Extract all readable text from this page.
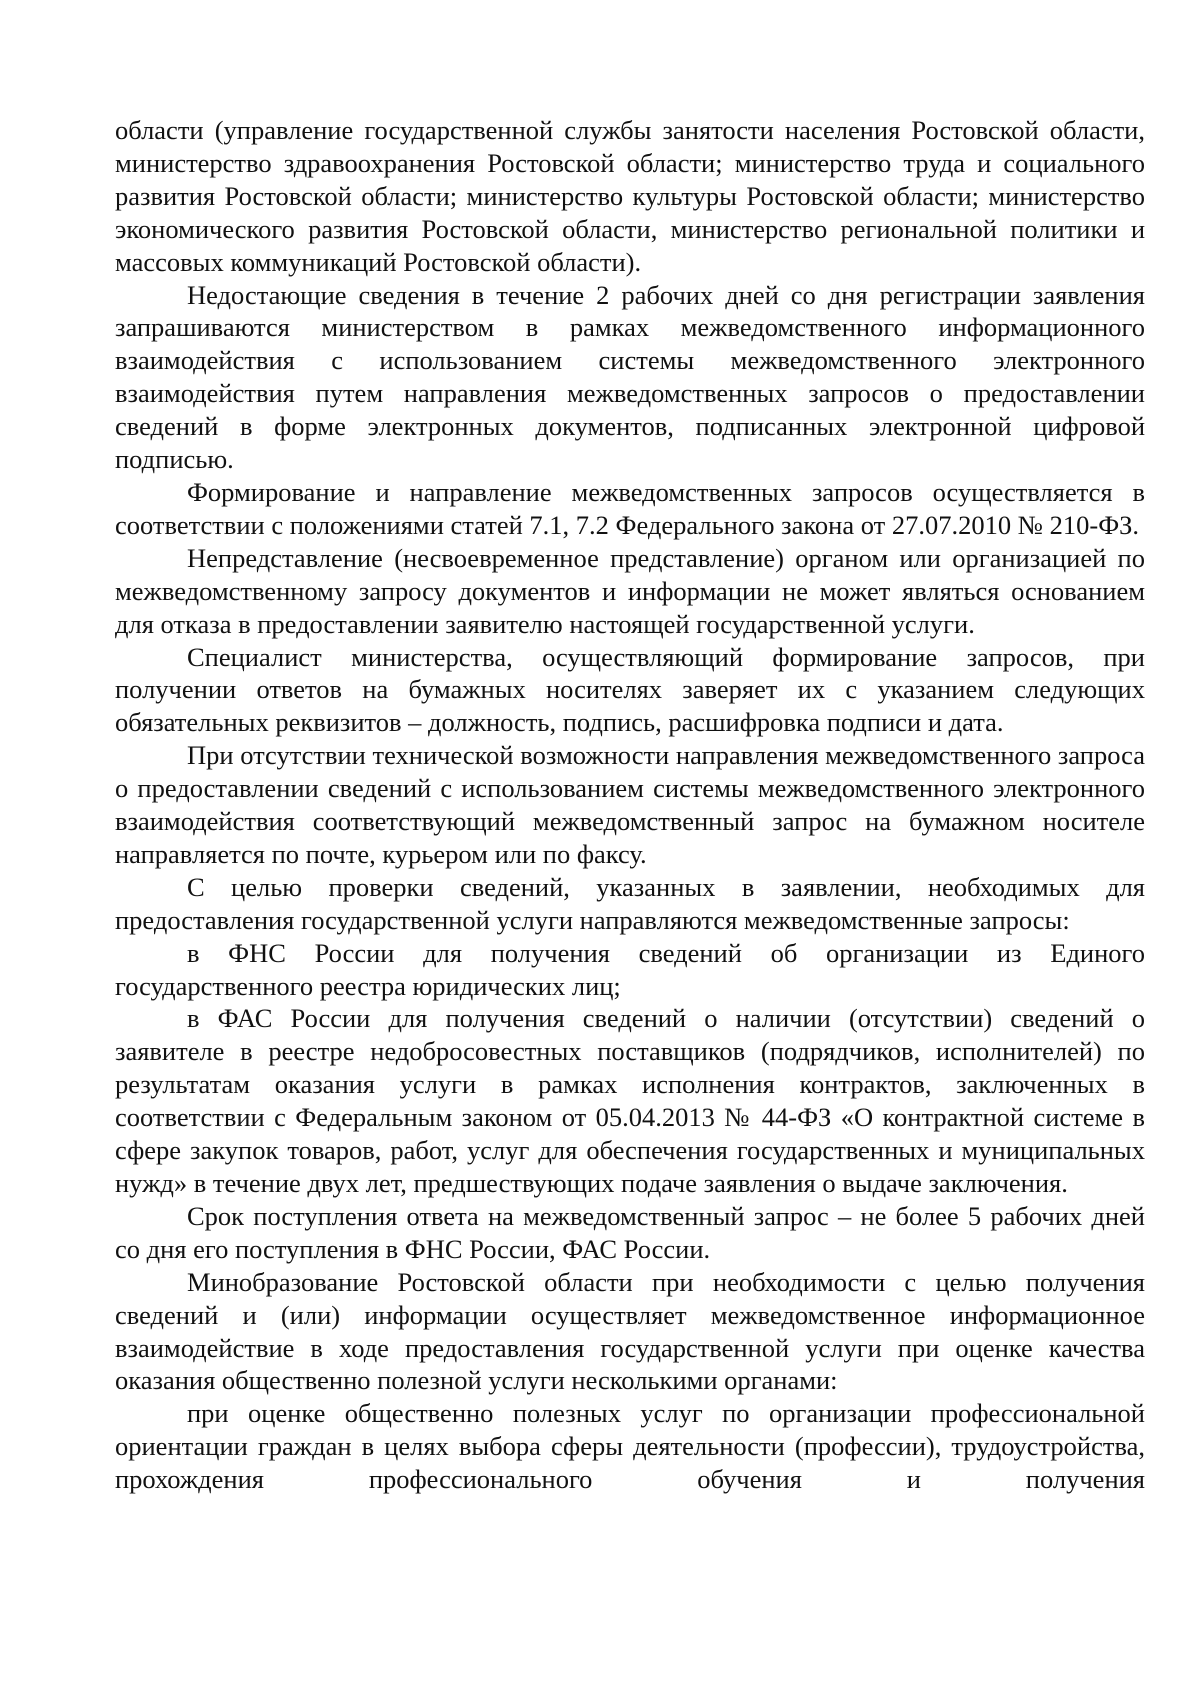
области (управление государственной службы занятости населения Ростовской области, министерство здравоохранения Ростовской области; министерство труда и социального развития Ростовской области; министерство культуры Ростовской области; министерство экономического развития Ростовской области, министерство региональной политики и массовых коммуникаций Ростовской области).

Недостающие сведения в течение 2 рабочих дней со дня регистрации заявления запрашиваются министерством в рамках межведомственного информационного взаимодействия с использованием системы межведомственного электронного взаимодействия путем направления межведомственных запросов о предоставлении сведений в форме электронных документов, подписанных электронной цифровой подписью.

Формирование и направление межведомственных запросов осуществляется в соответствии с положениями статей 7.1, 7.2 Федерального закона от 27.07.2010 № 210-ФЗ.

Непредставление (несвоевременное представление) органом или организацией по межведомственному запросу документов и информации не может являться основанием для отказа в предоставлении заявителю настоящей государственной услуги.

Специалист министерства, осуществляющий формирование запросов, при получении ответов на бумажных носителях заверяет их с указанием следующих обязательных реквизитов – должность, подпись, расшифровка подписи и дата.

При отсутствии технической возможности направления межведомственного запроса о предоставлении сведений с использованием системы межведомственного электронного взаимодействия соответствующий межведомственный запрос на бумажном носителе направляется по почте, курьером или по факсу.

С целью проверки сведений, указанных в заявлении, необходимых для предоставления государственной услуги направляются межведомственные запросы:

в ФНС России для получения сведений об организации из Единого государственного реестра юридических лиц;

в ФАС России для получения сведений о наличии (отсутствии) сведений о заявителе в реестре недобросовестных поставщиков (подрядчиков, исполнителей) по результатам оказания услуги в рамках исполнения контрактов, заключенных в соответствии с Федеральным законом от 05.04.2013 № 44-ФЗ «О контрактной системе в сфере закупок товаров, работ, услуг для обеспечения государственных и муниципальных нужд» в течение двух лет, предшествующих подаче заявления о выдаче заключения.

Срок поступления ответа на межведомственный запрос – не более 5 рабочих дней со дня его поступления в ФНС России, ФАС России.

Минобразование Ростовской области при необходимости с целью получения сведений и (или) информации осуществляет межведомственное информационное взаимодействие в ходе предоставления государственной услуги при оценке качества оказания общественно полезной услуги несколькими органами:

при оценке общественно полезных услуг по организации профессиональной ориентации граждан в целях выбора сферы деятельности (профессии), трудоустройства, прохождения профессионального обучения и получения
